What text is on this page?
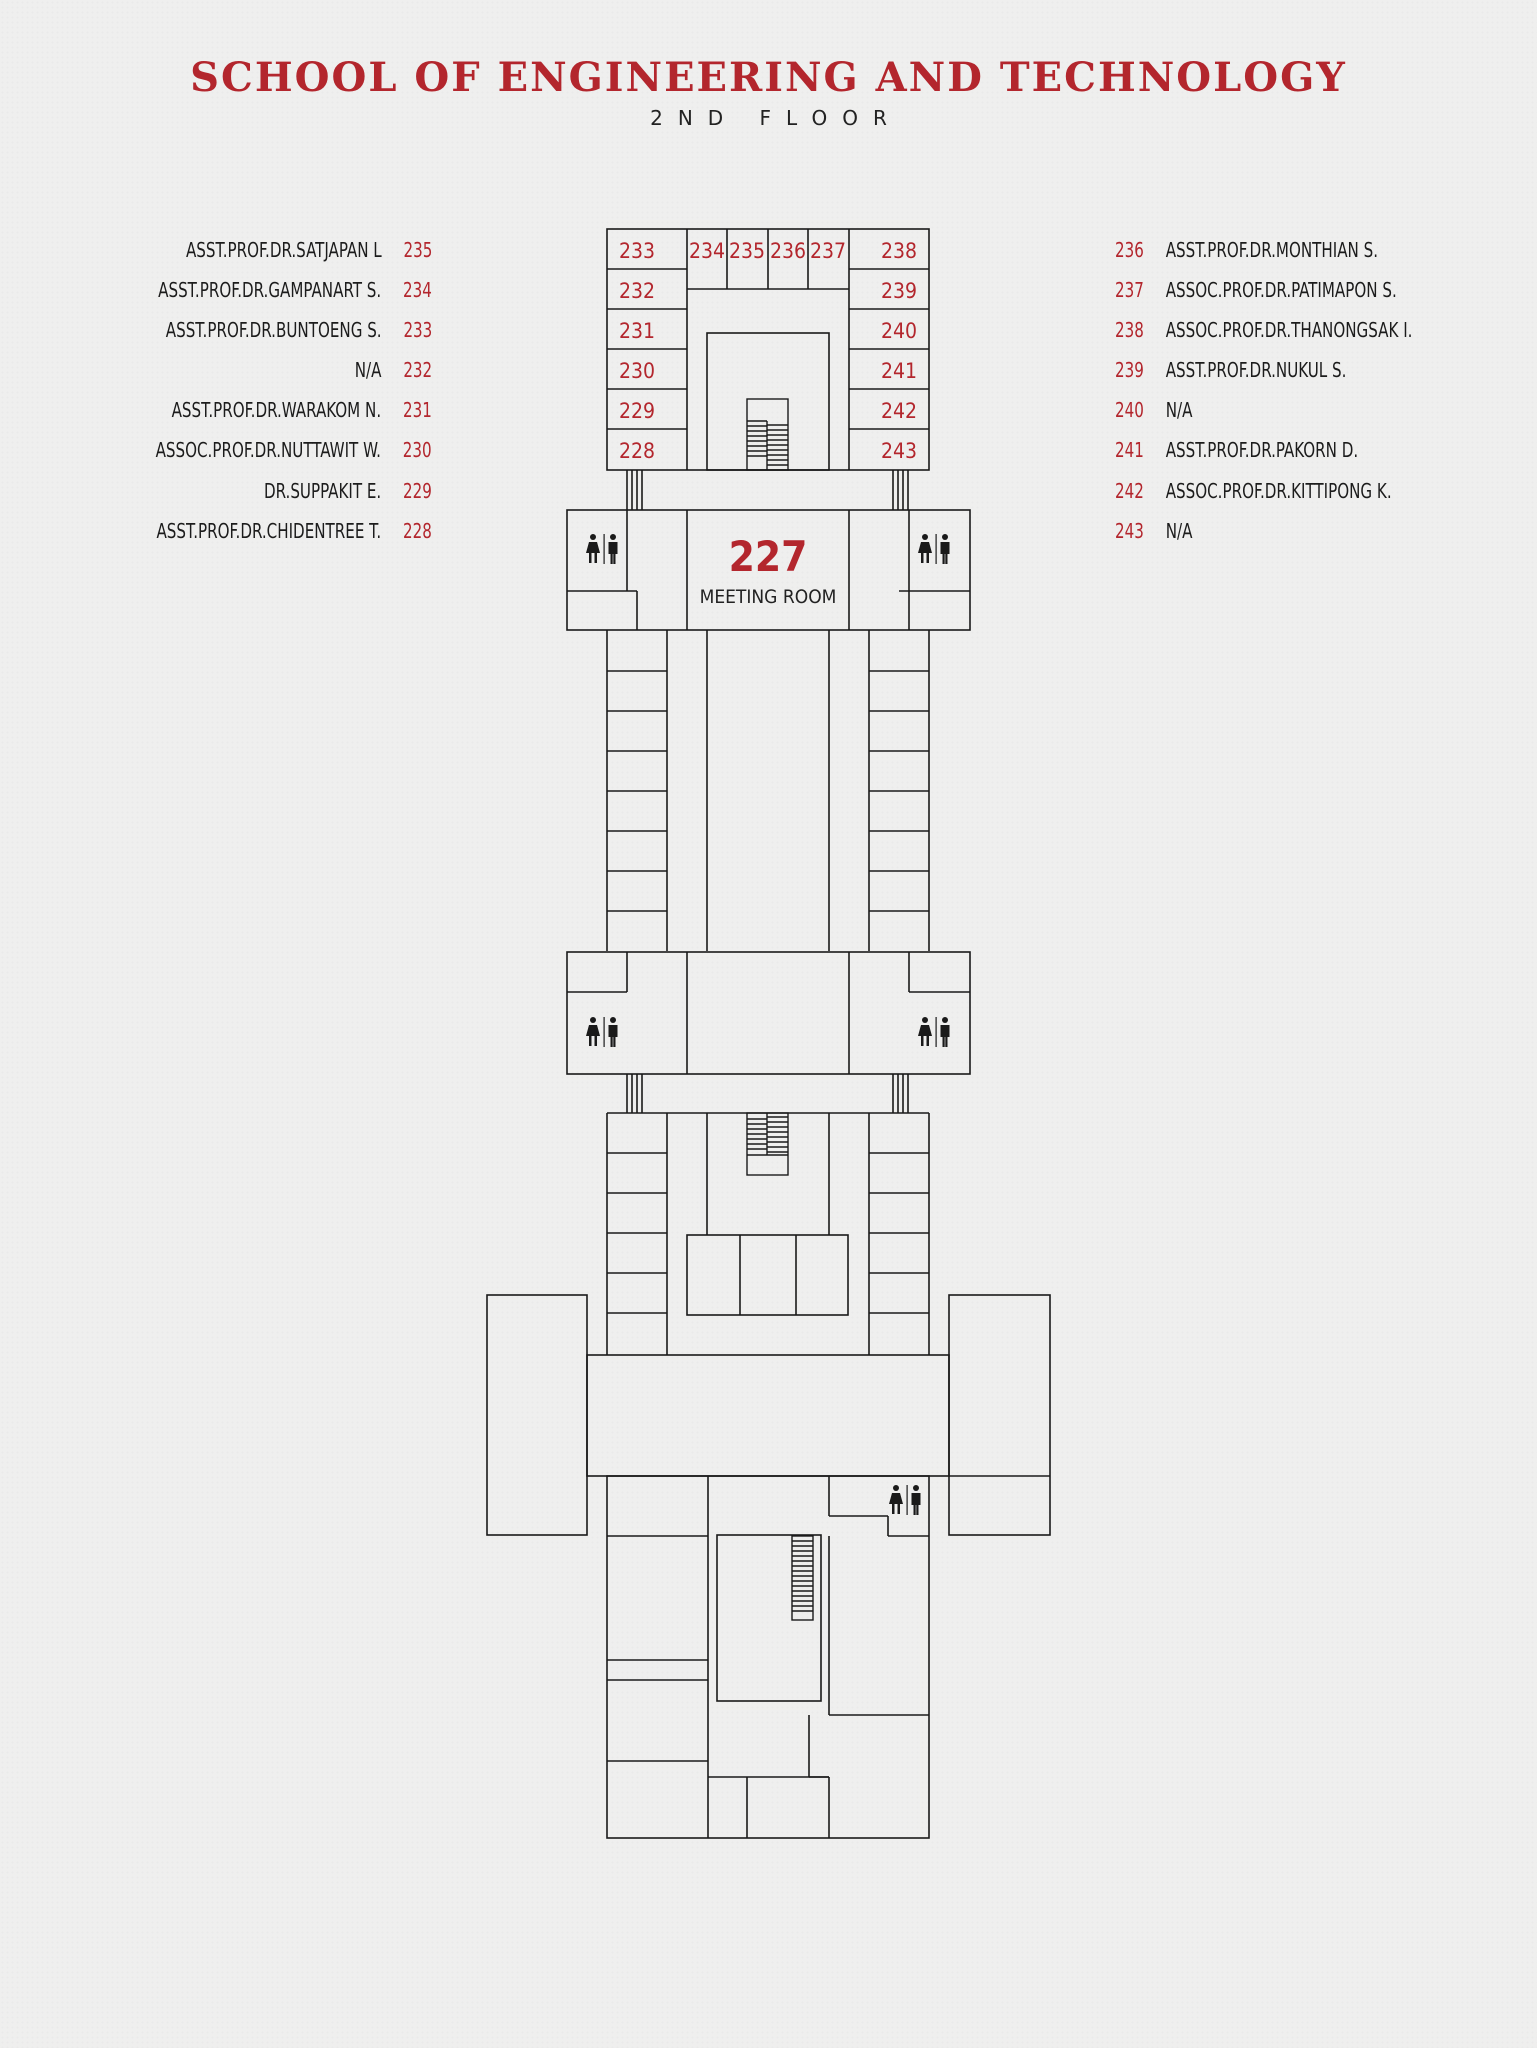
SCHOOL OF ENGINEERING AND TECHNOLOGY
2ND FLOOR
ASST.PROF.DR.SATJAPAN L 235
ASST.PROF.DR.GAMPANART S. 234
ASST.PROF.DR.BUNTOENG S. 233
N/A 232
ASST.PROF.DR.WARAKOM N. 231
ASSOC.PROF.DR.NUTTAWIT W. 230
DR.SUPPAKIT E. 229
ASST.PROF.DR.CHIDENTREE T. 228
236 ASST.PROF.DR.MONTHIAN S.
237 ASSOC.PROF.DR.PATIMAPON S.
238 ASSOC.PROF.DR.THANONGSAK I.
239 ASST.PROF.DR.NUKUL S.
240 N/A
241 ASST.PROF.DR.PAKORN D.
242 ASSOC.PROF.DR.KITTIPONG K.
243 N/A
233
232
231
230
229
228
234 235 236 237 238
239
240
241
242
243
227
MEETING ROOM
